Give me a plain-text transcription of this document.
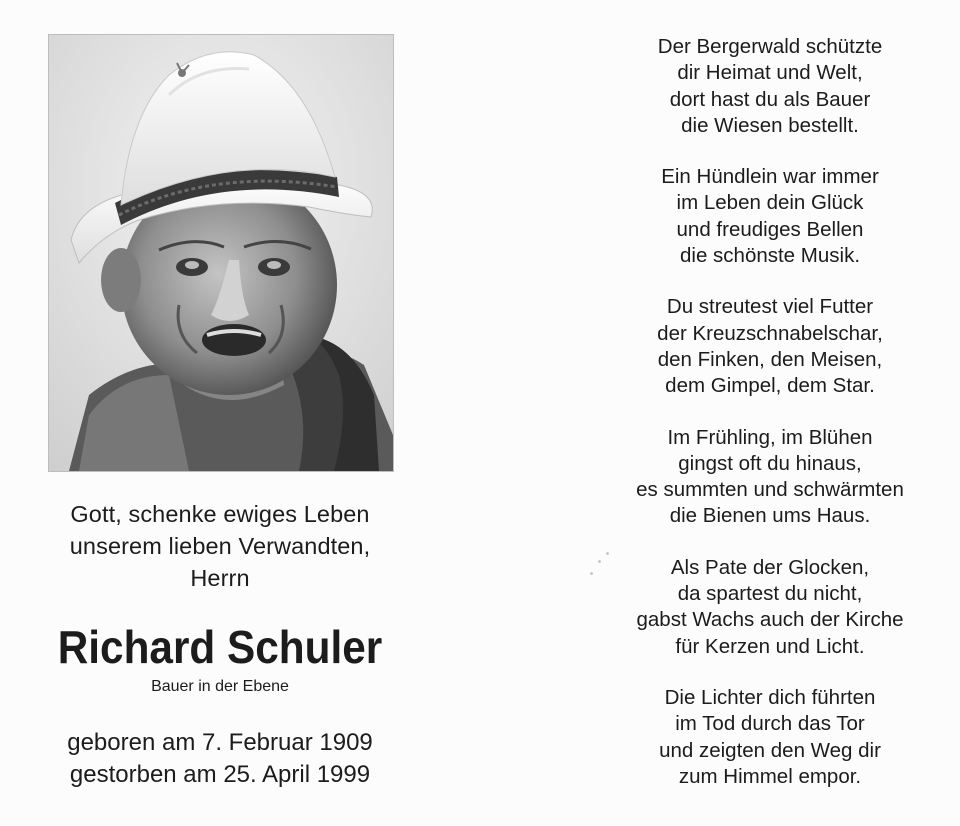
Gott, schenke ewiges Leben
unserem lieben Verwandten,
Herrn
Richard Schuler
Bauer in der Ebene
geboren am 7. Februar 1909
gestorben am 25. April 1999
Der Bergerwald schützte
dir Heimat und Welt,
dort hast du als Bauer
die Wiesen bestellt.
Ein Hündlein war immer
im Leben dein Glück
und freudiges Bellen
die schönste Musik.
Du streutest viel Futter
der Kreuzschnabelschar,
den Finken, den Meisen,
dem Gimpel, dem Star.
Im Frühling, im Blühen
gingst oft du hinaus,
es summten und schwärmten
die Bienen ums Haus.
Als Pate der Glocken,
da spartest du nicht,
gabst Wachs auch der Kirche
für Kerzen und Licht.
Die Lichter dich führten
im Tod durch das Tor
und zeigten den Weg dir
zum Himmel empor.
